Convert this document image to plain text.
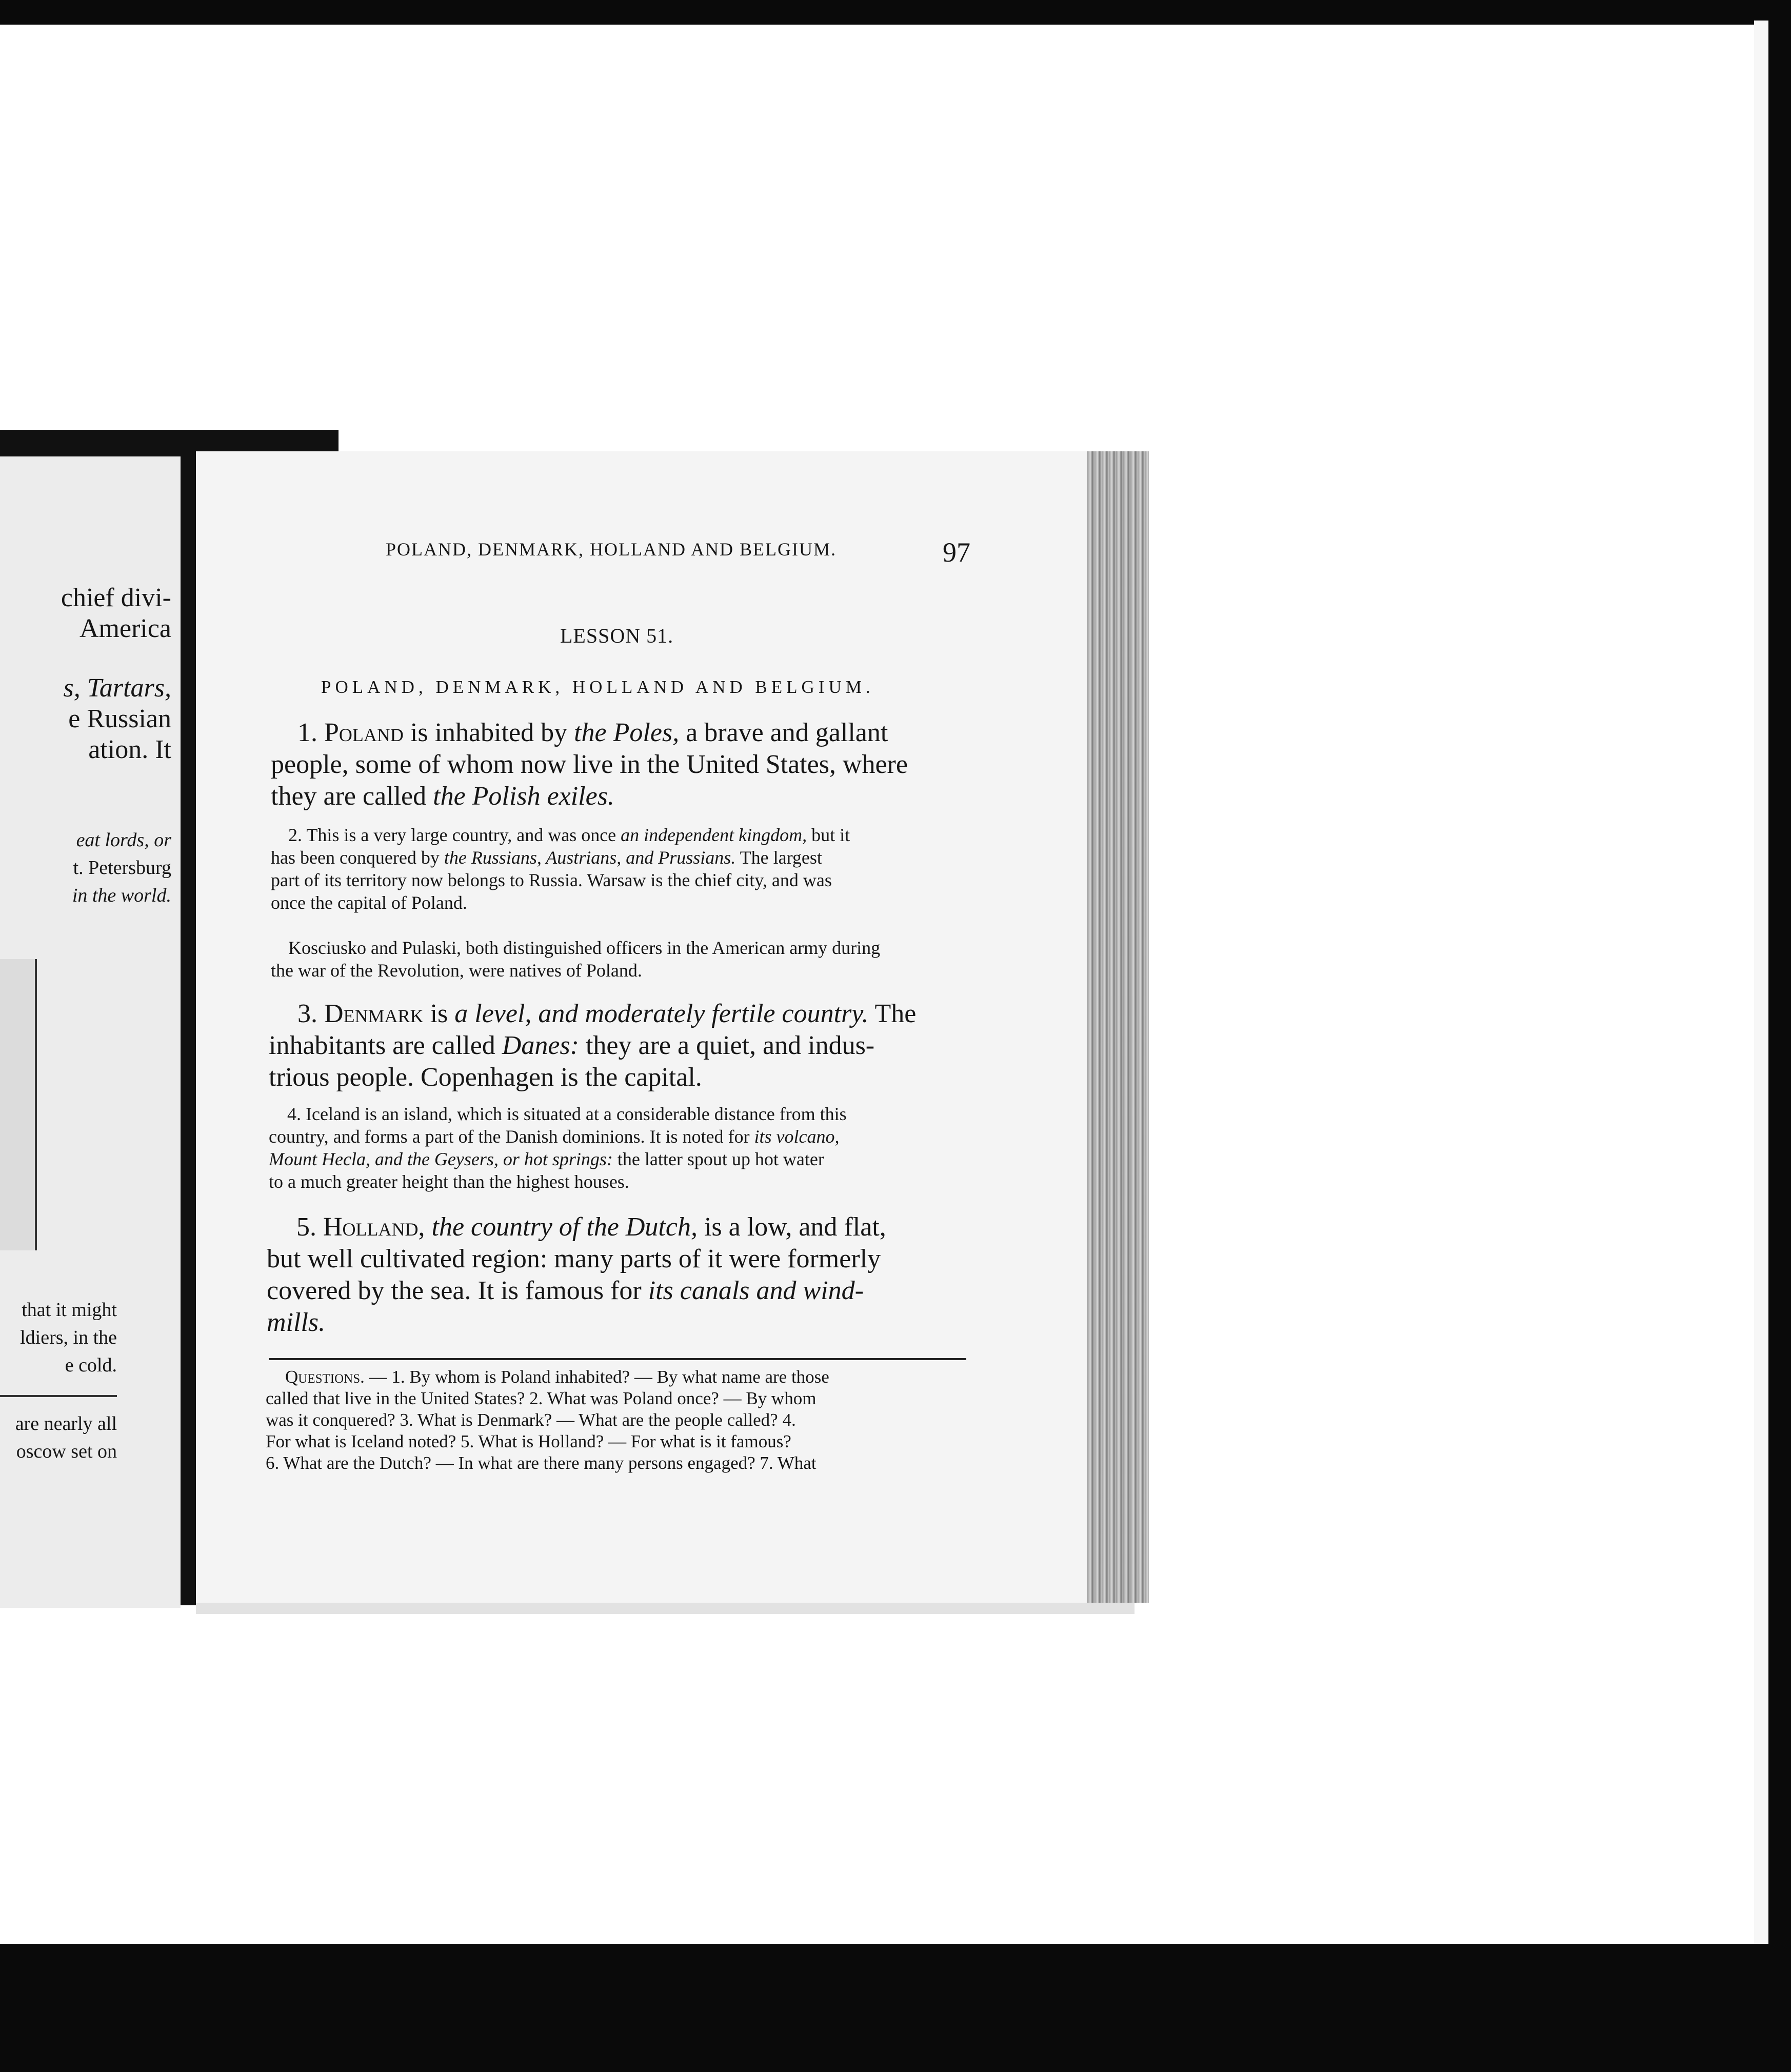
chief divi-
America
s, Tartars,
e Russian
ation. It
eat lords, or
t. Petersburg
in the world.
that it might
ldiers, in the
e cold.
are nearly all
oscow set on
POLAND, DENMARK, HOLLAND AND BELGIUM.	97
LESSON 51.
POLAND, DENMARK, HOLLAND AND BELGIUM.
1. Poland is inhabited by the Poles, a brave and gallant
people, some of whom now live in the United States, where
they are called the Polish exiles.
2. This is a very large country, and was once an independent kingdom, but it
has been conquered by the Russians, Austrians, and Prussians. The largest
part of its territory now belongs to Russia. Warsaw is the chief city, and was
once the capital of Poland.
Kosciusko and Pulaski, both distinguished officers in the American army during
the war of the Revolution, were natives of Poland.
3. Denmark is a level, and moderately fertile country. The
inhabitants are called Danes: they are a quiet, and indus-
trious people. Copenhagen is the capital.
4. Iceland is an island, which is situated at a considerable distance from this
country, and forms a part of the Danish dominions. It is noted for its volcano,
Mount Hecla, and the Geysers, or hot springs: the latter spout up hot water
to a much greater height than the highest houses.
5. Holland, the country of the Dutch, is a low, and flat,
but well cultivated region: many parts of it were formerly
covered by the sea. It is famous for its canals and wind-
mills.
Questions. — 1. By whom is Poland inhabited? — By what name are those
called that live in the United States? 2. What was Poland once? — By whom
was it conquered? 3. What is Denmark? — What are the people called? 4.
For what is Iceland noted? 5. What is Holland? — For what is it famous?
6. What are the Dutch? — In what are there many persons engaged? 7. What
